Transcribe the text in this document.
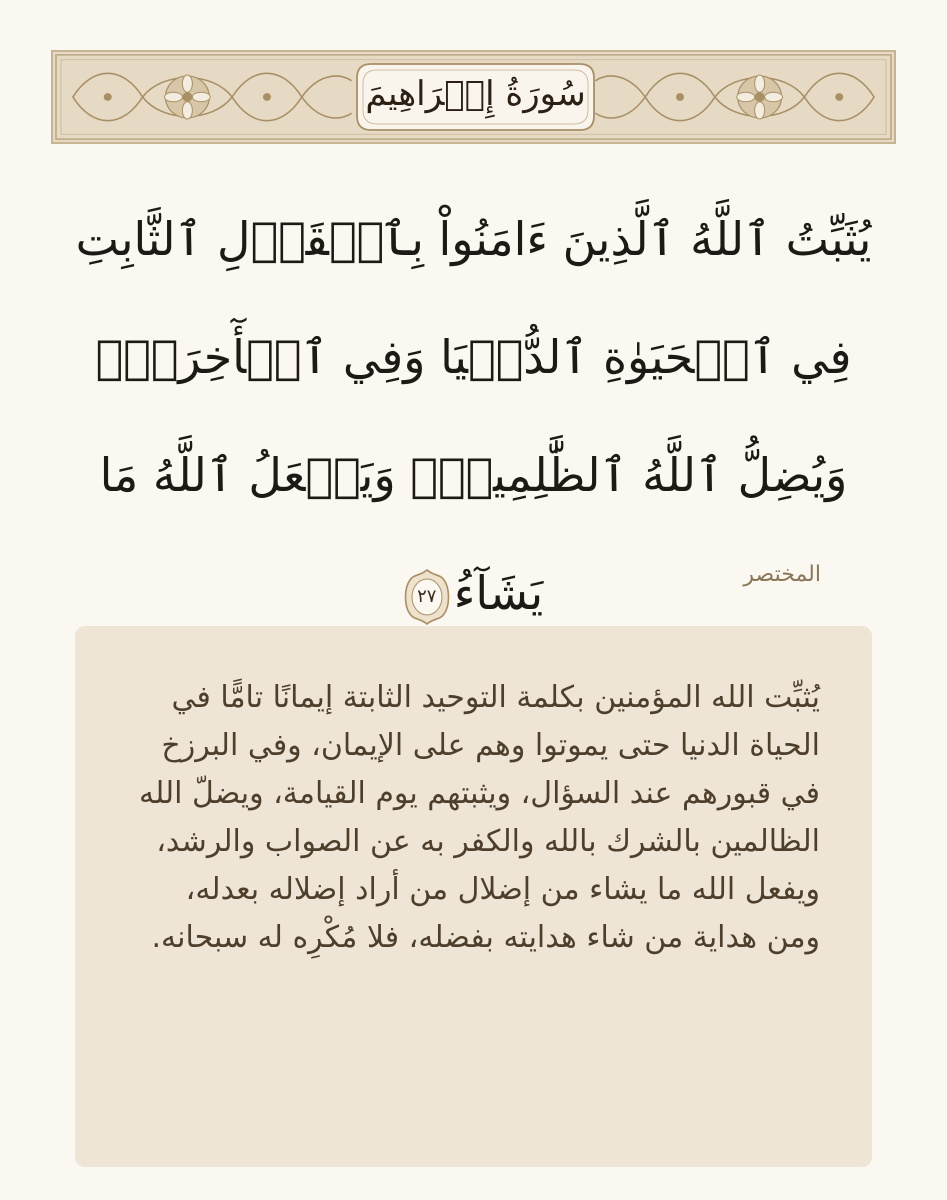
سُورَةُ إِبۡرَاهِيمَ

يُثَبِّتُ ٱللَّهُ ٱلَّذِينَ ءَامَنُواْ بِٱلۡقَوۡلِ ٱلثَّابِتِ فِي ٱلۡحَيَوٰةِ ٱلدُّنۡيَا وَفِي ٱلۡأٓخِرَةِۖ وَيُضِلُّ ٱللَّهُ ٱلظَّٰلِمِينَۚ وَيَفۡعَلُ ٱللَّهُ مَا يَشَآءُ
٢٧

المختصر

يُثبِّت الله المؤمنين بكلمة التوحيد الثابتة إيمانًا تامًّا في الحياة الدنيا حتى يموتوا وهم على الإيمان، وفي البرزخ في قبورهم عند السؤال، ويثبتهم يوم القيامة، ويضلّ الله الظالمين بالشرك بالله والكفر به عن الصواب والرشد، ويفعل الله ما يشاء من إضلال من أراد إضلاله بعدله، ومن هداية من شاء هدايته بفضله، فلا مُكْرِه له سبحانه.
